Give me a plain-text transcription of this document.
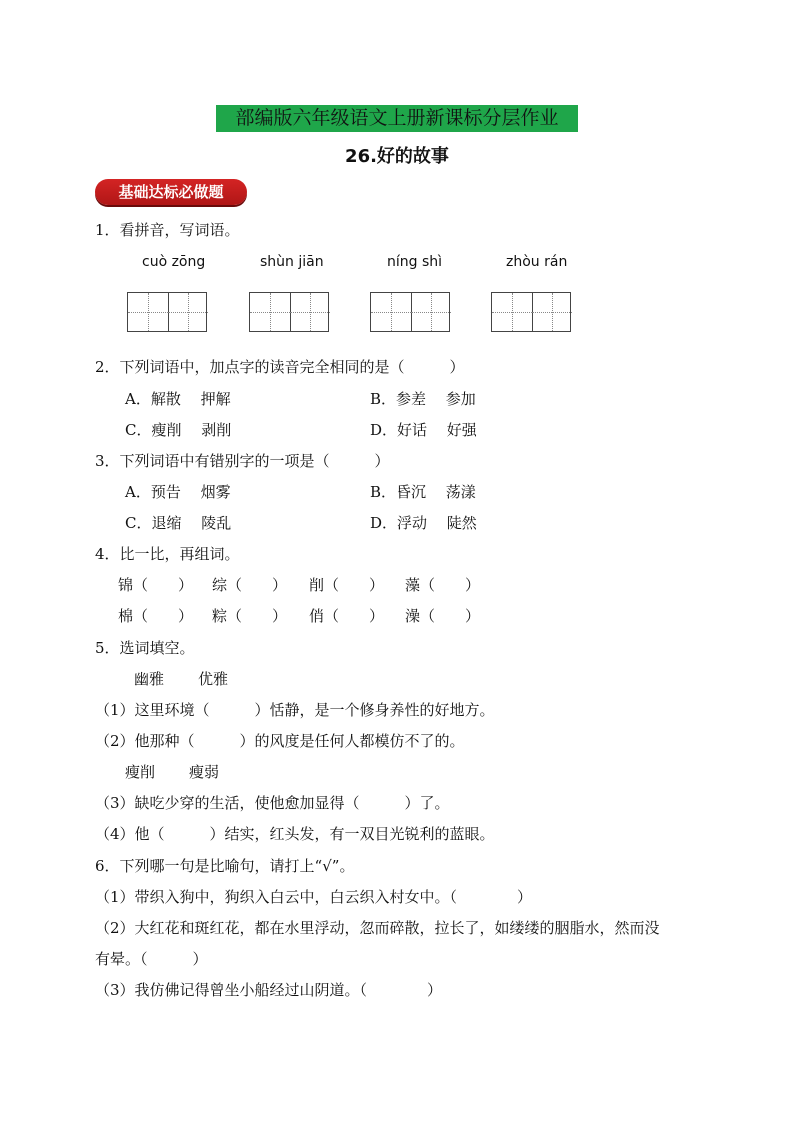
部编版六年级语文上册新课标分层作业
26.好的故事
基础达标必做题
1．看拼音，写词语。
cuò zōng	shùn jiān	níng shì	zhòu rán
2．下列词语中，加点字的读音完全相同的是（　　　）
A．解散　 押解	B．参差　 参加
C．瘦削　 剥削	D．好话　 好强
3．下列词语中有错别字的一项是（　　　）
A．预告　 烟雾	B．昏沉　 荡漾
C．退缩　 陵乱	D．浮动　 陡然
4．比一比，再组词。
锦（　　） 综（　　） 削（　　） 藻（　　）
棉（　　） 粽（　　） 俏（　　） 澡（　　）
5．选词填空。
幽雅 优雅
（1）这里环境（　　　）恬静，是一个修身养性的好地方。
（2）他那种（　　　）的风度是任何人都模仿不了的。
瘦削 瘦弱
（3）缺吃少穿的生活，使他愈加显得（　　　）了。
（4）他（　　　）结实，红头发，有一双目光锐利的蓝眼。
6．下列哪一句是比喻句，请打上“√”。
（1）带织入狗中，狗织入白云中，白云织入村女中。（　　　　）
（2）大红花和斑红花，都在水里浮动，忽而碎散，拉长了，如缕缕的胭脂水，然而没
有晕。（　　　）
（3）我仿佛记得曾坐小船经过山阴道。（　　　　）
